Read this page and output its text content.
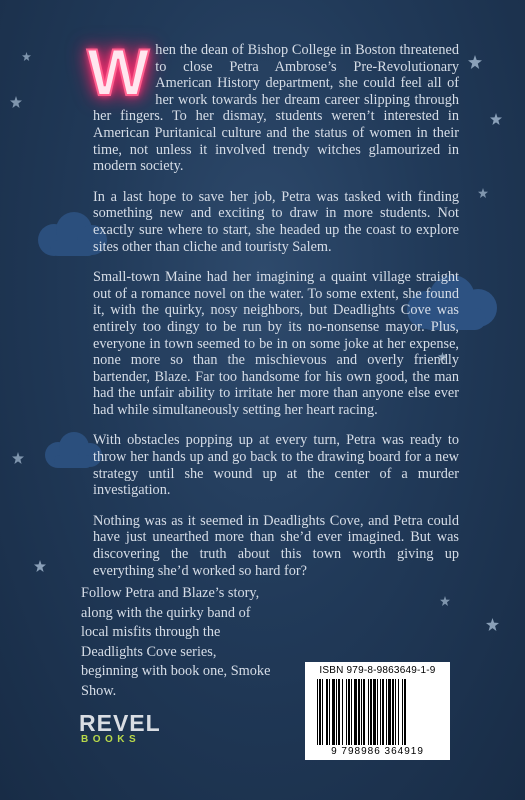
When the dean of Bishop College in Boston threatened to close Petra Ambrose’s Pre-Revolutionary American History department, she could feel all of her work towards her dream career slipping through her fingers. To her dismay, students weren’t interested in American Puritanical culture and the status of women in their time, not unless it involved trendy witches glamourized in modern society.

In a last hope to save her job, Petra was tasked with finding something new and exciting to draw in more students. Not exactly sure where to start, she headed up the coast to explore sites other than cliche and touristy Salem.

Small-town Maine had her imagining a quaint village straight out of a romance novel on the water. To some extent, she found it, with the quirky, nosy neighbors, but Deadlights Cove was entirely too dingy to be run by its no-nonsense mayor. Plus, everyone in town seemed to be in on some joke at her expense, none more so than the mischievous and overly friendly bartender, Blaze. Far too handsome for his own good, the man had the unfair ability to irritate her more than anyone else ever had while simultaneously setting her heart racing.

With obstacles popping up at every turn, Petra was ready to throw her hands up and go back to the drawing board for a new strategy until she wound up at the center of a murder investigation.

Nothing was as it seemed in Deadlights Cove, and Petra could have just unearthed more than she’d ever imagined. But was discovering the truth about this town worth giving up everything she’d worked so hard for?

Follow Petra and Blaze’s story, along with the quirky band of local misfits through the Deadlights Cove series, beginning with book one, Smoke Show.

ISBN 979-8-9863649-1-9
9 798986 364919
REVEL
BOOKS
